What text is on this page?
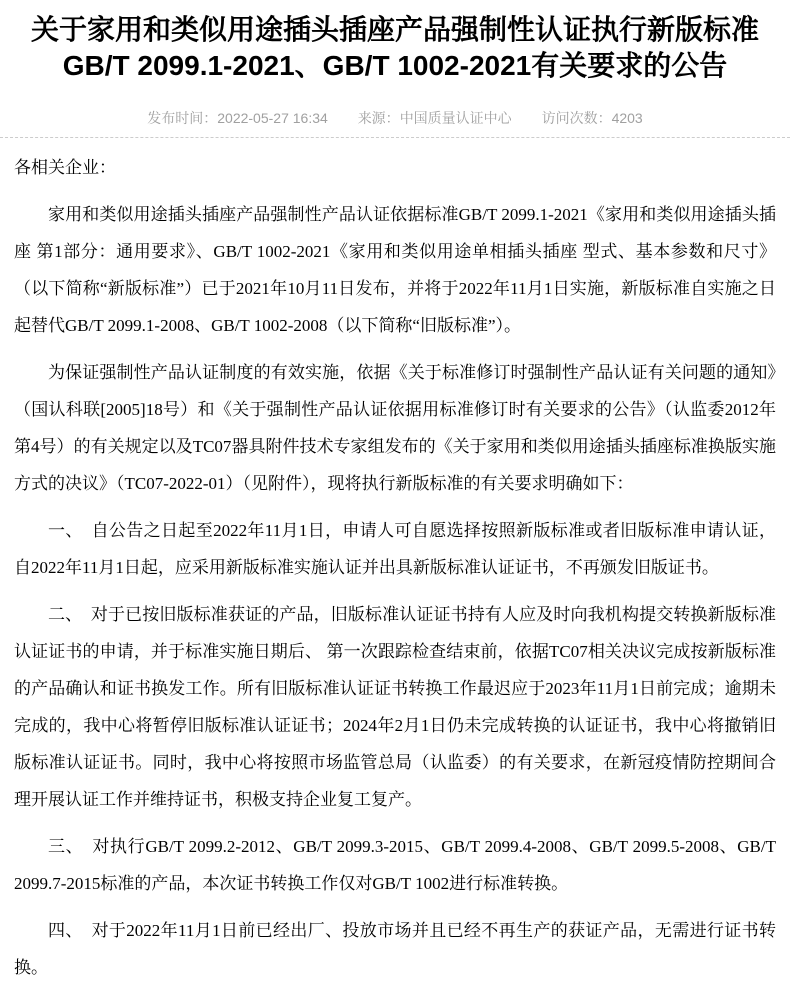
关于家用和类似用途插头插座产品强制性认证执行新版标准GB/T 2099.1-2021、GB/T 1002-2021有关要求的公告
发布时间：2022-05-27 16:34 来源：中国质量认证中心 访问次数：4203

各相关企业：

家用和类似用途插头插座产品强制性产品认证依据标准GB/T 2099.1-2021《家用和类似用途插头插座 第1部分：通用要求》、GB/T 1002-2021《家用和类似用途单相插头插座 型式、基本参数和尺寸》（以下简称“新版标准”）已于2021年10月11日发布，并将于2022年11月1日实施，新版标准自实施之日起替代GB/T 2099.1-2008、GB/T 1002-2008（以下简称“旧版标准”）。

为保证强制性产品认证制度的有效实施，依据《关于标准修订时强制性产品认证有关问题的通知》（国认科联[2005]18号）和《关于强制性产品认证依据用标准修订时有关要求的公告》（认监委2012年第4号）的有关规定以及TC07器具附件技术专家组发布的《关于家用和类似用途插头插座标准换版实施方式的决议》（TC07-2022-01）（见附件），现将执行新版标准的有关要求明确如下：

一、　自公告之日起至2022年11月1日，申请人可自愿选择按照新版标准或者旧版标准申请认证，自2022年11月1日起，应采用新版标准实施认证并出具新版标准认证证书，不再颁发旧版证书。

二、　对于已按旧版标准获证的产品，旧版标准认证证书持有人应及时向我机构提交转换新版标准认证证书的申请，并于标准实施日期后、 第一次跟踪检查结束前，依据TC07相关决议完成按新版标准的产品确认和证书换发工作。所有旧版标准认证证书转换工作最迟应于2023年11月1日前完成；逾期未完成的，我中心将暂停旧版标准认证证书；2024年2月1日仍未完成转换的认证证书，我中心将撤销旧版标准认证证书。同时，我中心将按照市场监管总局（认监委）的有关要求，在新冠疫情防控期间合理开展认证工作并维持证书，积极支持企业复工复产。

三、　对执行GB/T 2099.2-2012、GB/T 2099.3-2015、GB/T 2099.4-2008、GB/T 2099.5-2008、GB/T 2099.7-2015标准的产品，本次证书转换工作仅对GB/T 1002进行标准转换。

四、　对于2022年11月1日前已经出厂、投放市场并且已经不再生产的获证产品，无需进行证书转换。
